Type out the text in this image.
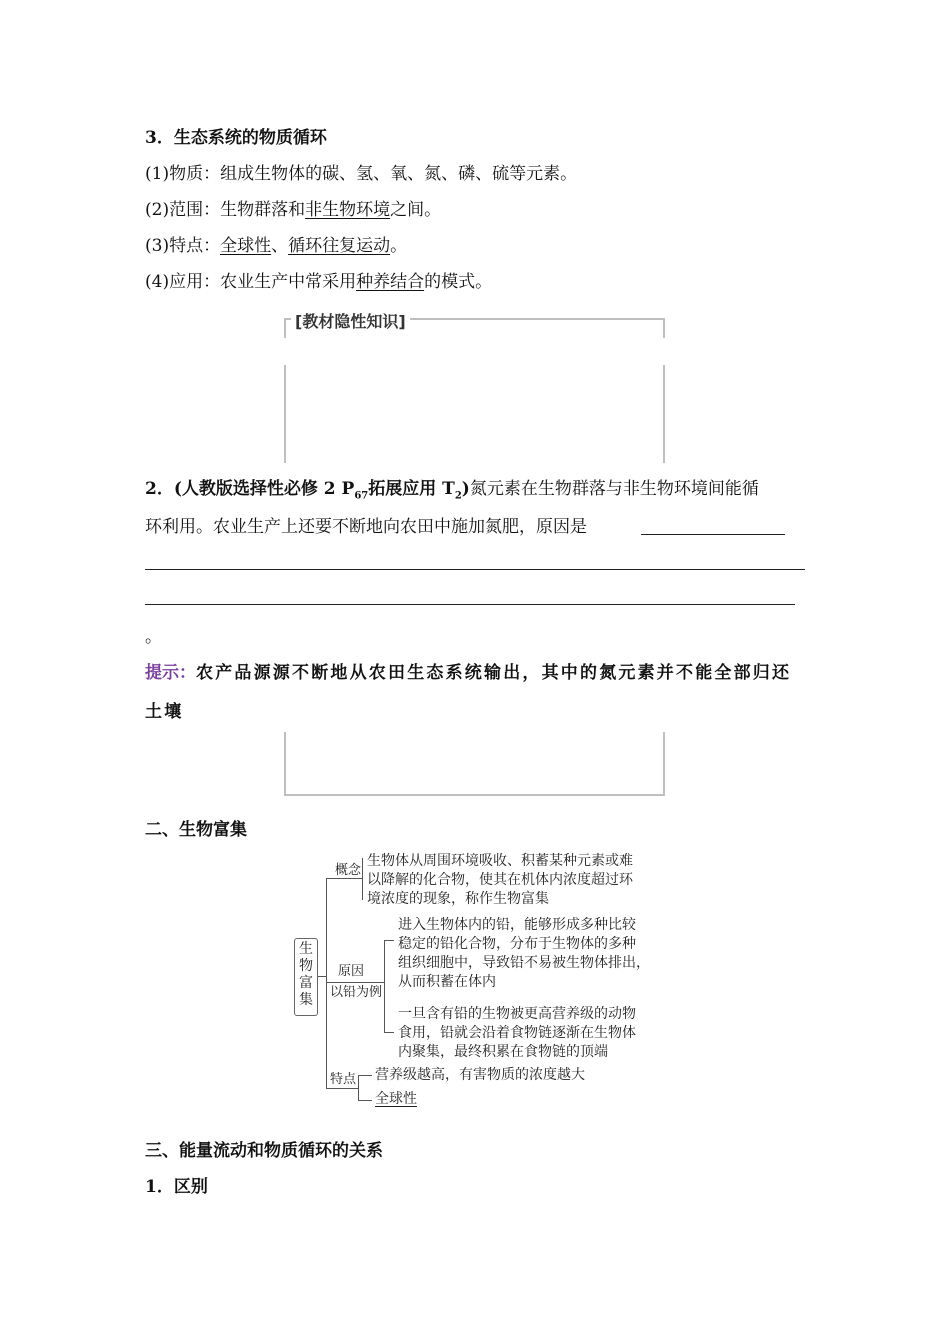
3．生态系统的物质循环
(1)物质：组成生物体的碳、氢、氧、氮、磷、硫等元素。
(2)范围：生物群落和非生物环境之间。
(3)特点：全球性、循环往复运动。
(4)应用：农业生产中常采用种养结合的模式。
[教材隐性知识]
2．(人教版选择性必修 2 $P_{67}$拓展应用 $T_2$)氮元素在生物群落与非生物环境间能循
环利用。农业生产上还要不断地向农田中施加氮肥，原因是
。
提示：农产品源源不断地从农田生态系统输出，其中的氮元素并不能全部归还
土壤
二、生物富集
生
物
富
集
概念
生物体从周围环境吸收、积蓄某种元素或难
以降解的化合物，使其在机体内浓度超过环
境浓度的现象，称作生物富集
原因
以铅为例
进入生物体内的铅，能够形成多种比较
稳定的铅化合物，分布于生物体的多种
组织细胞中，导致铅不易被生物体排出，
从而积蓄在体内
一旦含有铅的生物被更高营养级的动物
食用，铅就会沿着食物链逐渐在生物体
内聚集，最终积累在食物链的顶端
特点 营养级越高，有害物质的浓度越大
全球性
三、能量流动和物质循环的关系
1．区别
